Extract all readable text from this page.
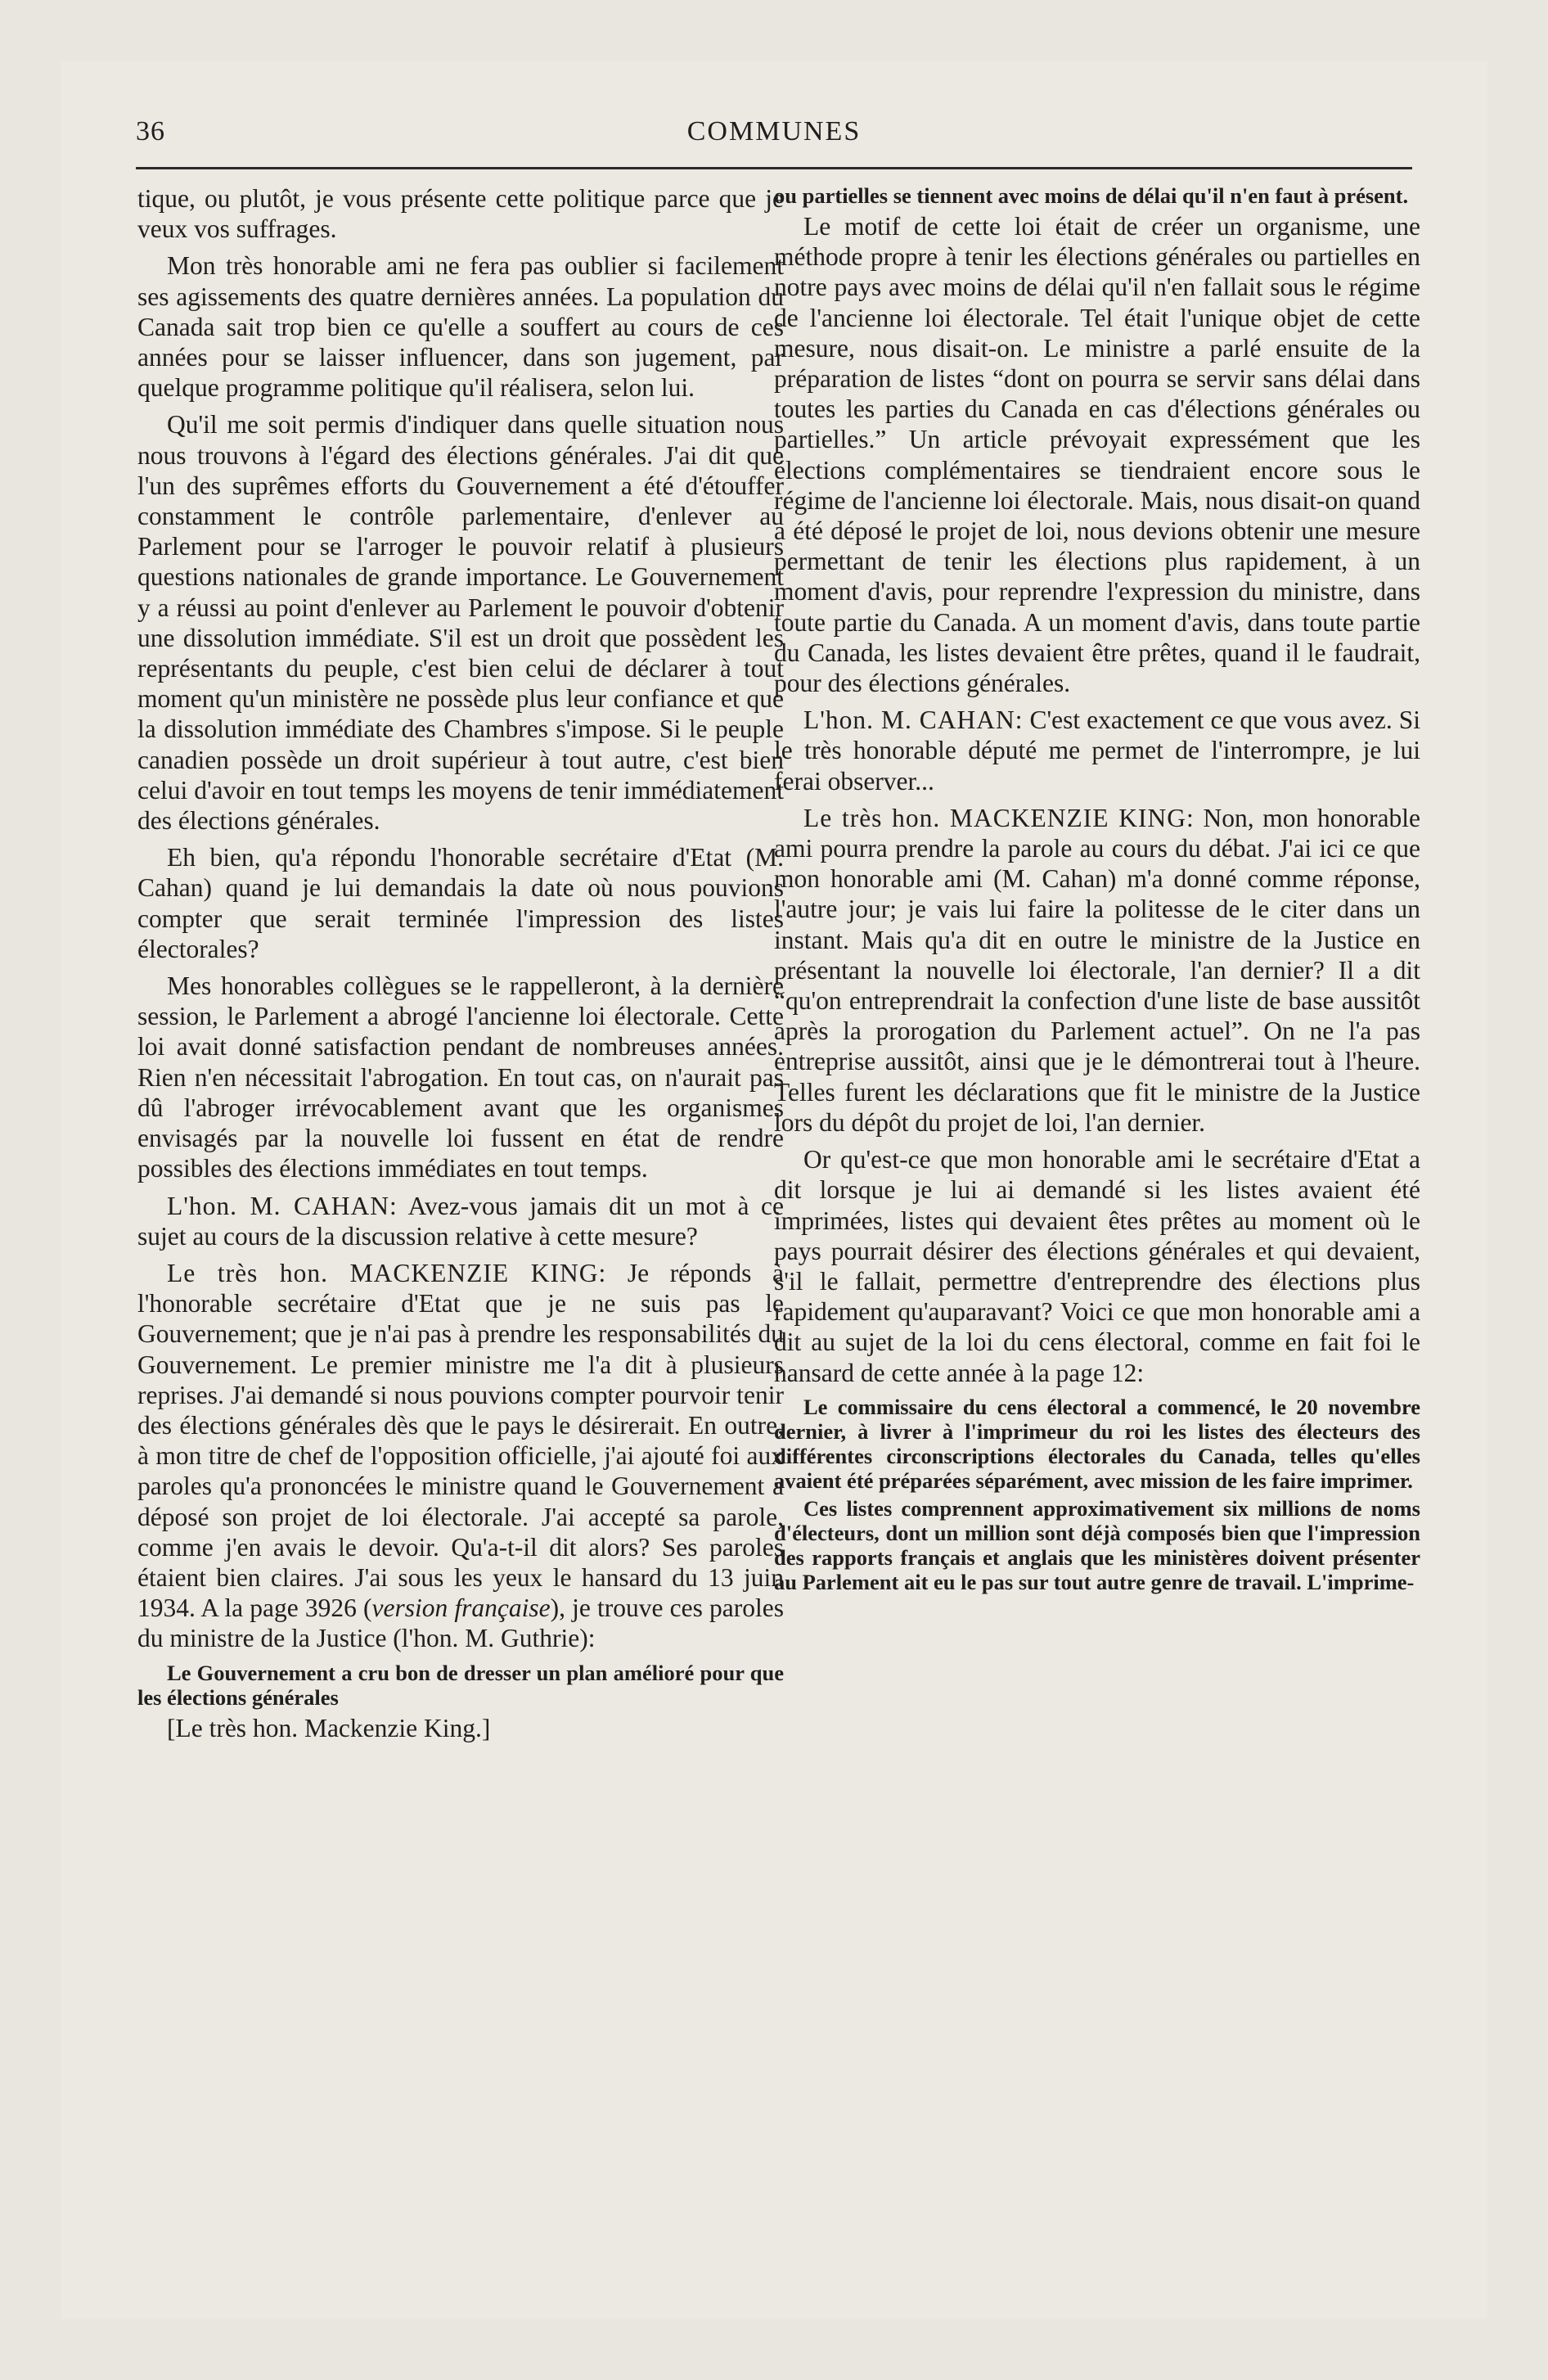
36	COMMUNES

tique, ou plutôt, je vous présente cette politique parce que je veux vos suffrages.

Mon très honorable ami ne fera pas oublier si facilement ses agissements des quatre dernières années. La population du Canada sait trop bien ce qu'elle a souffert au cours de ces années pour se laisser influencer, dans son jugement, par quelque programme politique qu'il réalisera, selon lui.

Qu'il me soit permis d'indiquer dans quelle situation nous nous trouvons à l'égard des élections générales. J'ai dit que l'un des suprêmes efforts du Gouvernement a été d'étouffer constamment le contrôle parlementaire, d'enlever au Parlement pour se l'arroger le pouvoir relatif à plusieurs questions nationales de grande importance. Le Gouvernement y a réussi au point d'enlever au Parlement le pouvoir d'obtenir une dissolution immédiate. S'il est un droit que possèdent les représentants du peuple, c'est bien celui de déclarer à tout moment qu'un ministère ne possède plus leur confiance et que la dissolution immédiate des Chambres s'impose. Si le peuple canadien possède un droit supérieur à tout autre, c'est bien celui d'avoir en tout temps les moyens de tenir immédiatement des élections générales.

Eh bien, qu'a répondu l'honorable secrétaire d'Etat (M. Cahan) quand je lui demandais la date où nous pouvions compter que serait terminée l'impression des listes électorales?

Mes honorables collègues se le rappelleront, à la dernière session, le Parlement a abrogé l'ancienne loi électorale. Cette loi avait donné satisfaction pendant de nombreuses années. Rien n'en nécessitait l'abrogation. En tout cas, on n'aurait pas dû l'abroger irrévocablement avant que les organismes envisagés par la nouvelle loi fussent en état de rendre possibles des élections immédiates en tout temps.

L'hon. M. CAHAN: Avez-vous jamais dit un mot à ce sujet au cours de la discussion relative à cette mesure?

Le très hon. MACKENZIE KING: Je réponds à l'honorable secrétaire d'Etat que je ne suis pas le Gouvernement; que je n'ai pas à prendre les responsabilités du Gouvernement. Le premier ministre me l'a dit à plusieurs reprises. J'ai demandé si nous pouvions compter pourvoir tenir des élections générales dès que le pays le désirerait. En outre, à mon titre de chef de l'opposition officielle, j'ai ajouté foi aux paroles qu'a prononcées le ministre quand le Gouvernement a déposé son projet de loi électorale. J'ai accepté sa parole, comme j'en avais le devoir. Qu'a-t-il dit alors? Ses paroles étaient bien claires. J'ai sous les yeux le hansard du 13 juin 1934. A la page 3926 (version française), je trouve ces paroles du ministre de la Justice (l'hon. M. Guthrie):

Le Gouvernement a cru bon de dresser un plan amélioré pour que les élections générales

[Le très hon. Mackenzie King.]

ou partielles se tiennent avec moins de délai qu'il n'en faut à présent.

Le motif de cette loi était de créer un organisme, une méthode propre à tenir les élections générales ou partielles en notre pays avec moins de délai qu'il n'en fallait sous le régime de l'ancienne loi électorale. Tel était l'unique objet de cette mesure, nous disait-on. Le ministre a parlé ensuite de la préparation de listes “dont on pourra se servir sans délai dans toutes les parties du Canada en cas d'élections générales ou partielles.” Un article prévoyait expressément que les élections complémentaires se tiendraient encore sous le régime de l'ancienne loi électorale. Mais, nous disait-on quand a été déposé le projet de loi, nous devions obtenir une mesure permettant de tenir les élections plus rapidement, à un moment d'avis, pour reprendre l'expression du ministre, dans toute partie du Canada. A un moment d'avis, dans toute partie du Canada, les listes devaient être prêtes, quand il le faudrait, pour des élections générales.

L'hon. M. CAHAN: C'est exactement ce que vous avez. Si le très honorable député me permet de l'interrompre, je lui ferai observer...

Le très hon. MACKENZIE KING: Non, mon honorable ami pourra prendre la parole au cours du débat. J'ai ici ce que mon honorable ami (M. Cahan) m'a donné comme réponse, l'autre jour; je vais lui faire la politesse de le citer dans un instant. Mais qu'a dit en outre le ministre de la Justice en présentant la nouvelle loi électorale, l'an dernier? Il a dit “qu'on entreprendrait la confection d'une liste de base aussitôt après la prorogation du Parlement actuel”. On ne l'a pas entreprise aussitôt, ainsi que je le démontrerai tout à l'heure. Telles furent les déclarations que fit le ministre de la Justice lors du dépôt du projet de loi, l'an dernier.

Or qu'est-ce que mon honorable ami le secrétaire d'Etat a dit lorsque je lui ai demandé si les listes avaient été imprimées, listes qui devaient êtes prêtes au moment où le pays pourrait désirer des élections générales et qui devaient, s'il le fallait, permettre d'entreprendre des élections plus rapidement qu'auparavant? Voici ce que mon honorable ami a dit au sujet de la loi du cens électoral, comme en fait foi le hansard de cette année à la page 12:

Le commissaire du cens électoral a commencé, le 20 novembre dernier, à livrer à l'imprimeur du roi les listes des électeurs des différentes circonscriptions électorales du Canada, telles qu'elles avaient été préparées séparément, avec mission de les faire imprimer.

Ces listes comprennent approximativement six millions de noms d'électeurs, dont un million sont déjà composés bien que l'impression des rapports français et anglais que les ministères doivent présenter au Parlement ait eu le pas sur tout autre genre de travail. L'imprime-
